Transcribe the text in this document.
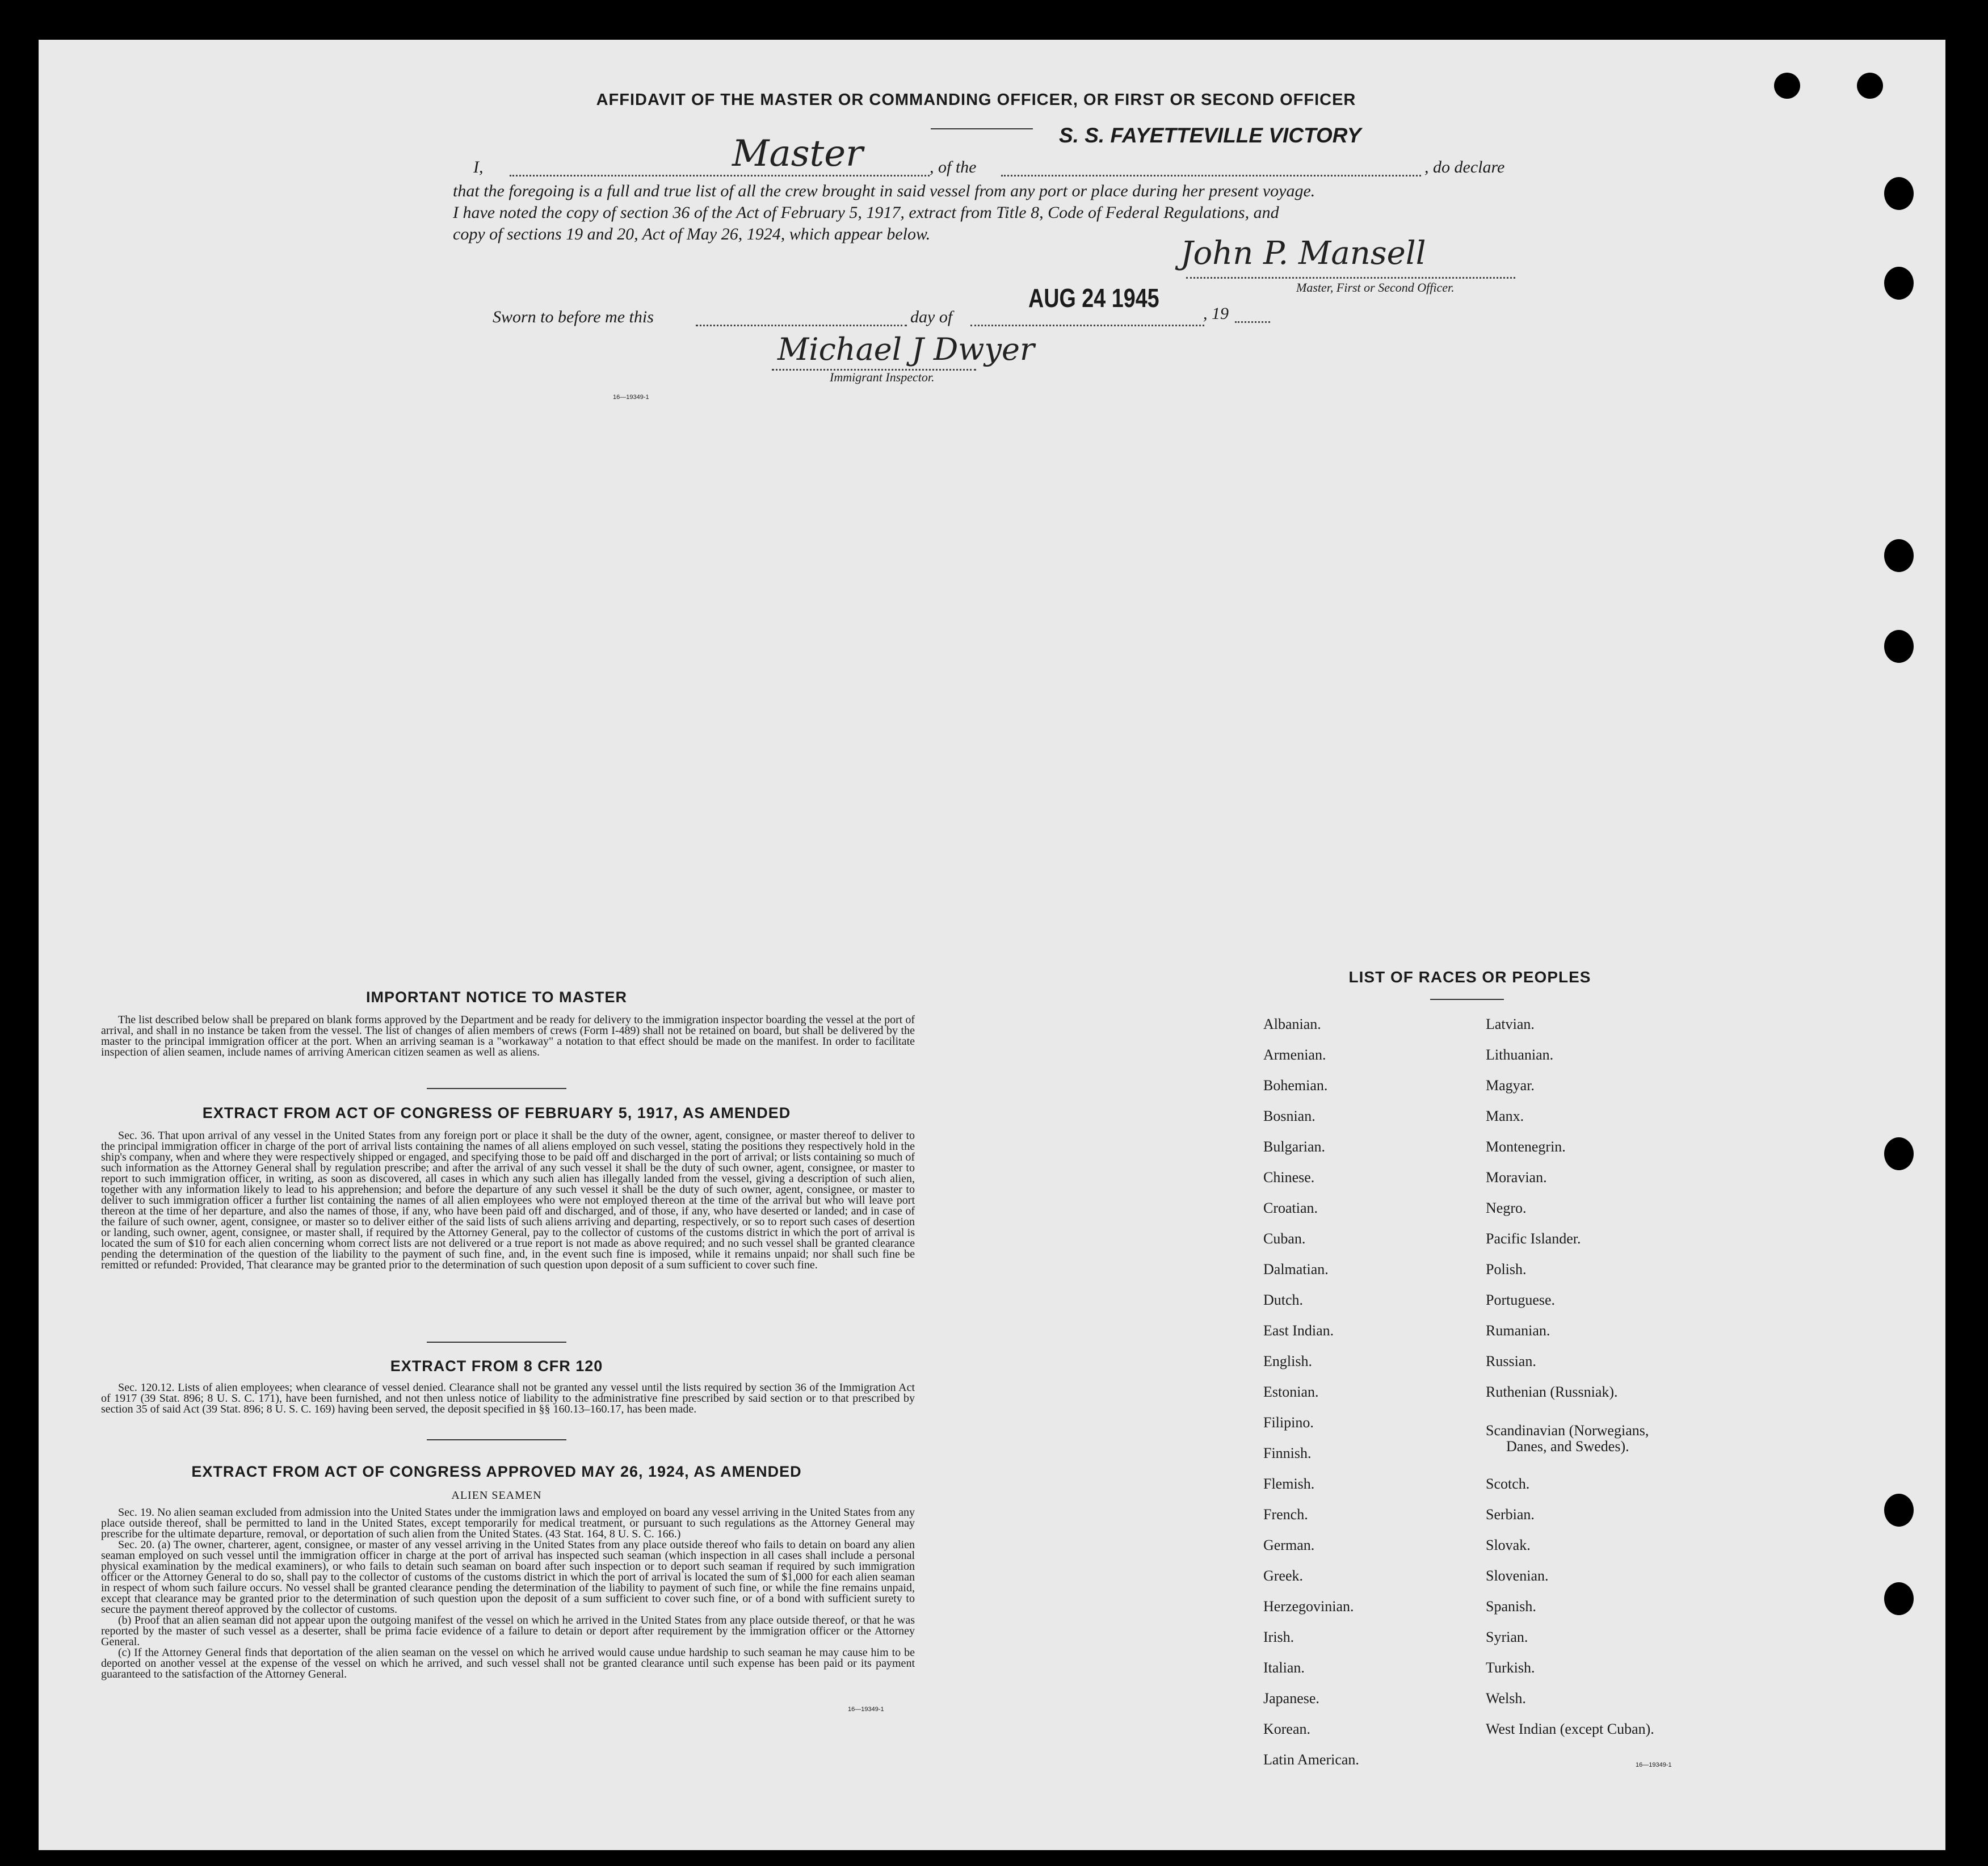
AFFIDAVIT OF THE MASTER OR COMMANDING OFFICER, OR FIRST OR SECOND OFFICER
S. S. FAYETTEVILLE VICTORY
I,	Master	, of the	, do declare
that the foregoing is a full and true list of all the crew brought in said vessel from any port or place during her present voyage.
I have noted the copy of section 36 of the Act of February 5, 1917, extract from Title 8, Code of Federal Regulations, and
copy of sections 19 and 20, Act of May 26, 1924, which appear below.
John P. Mansell
Master, First or Second Officer.
Sworn to before me this	day of
AUG 24 1945
, 19
Michael J Dwyer
Immigrant Inspector.
16—19349-1
IMPORTANT NOTICE TO MASTER

The list described below shall be prepared on blank forms approved by the Department and be ready for delivery to the immigration inspector boarding the vessel at the port of arrival, and shall in no instance be taken from the vessel. The list of changes of alien members of crews (Form I-489) shall not be retained on board, but shall be delivered by the master to the principal immigration officer at the port. When an arriving seaman is a "workaway" a notation to that effect should be made on the manifest. In order to facilitate inspection of alien seamen, include names of arriving American citizen seamen as well as aliens.

EXTRACT FROM ACT OF CONGRESS OF FEBRUARY 5, 1917, AS AMENDED

Sec. 36. That upon arrival of any vessel in the United States from any foreign port or place it shall be the duty of the owner, agent, consignee, or master thereof to deliver to the principal immigration officer in charge of the port of arrival lists containing the names of all aliens employed on such vessel, stating the positions they respectively hold in the ship's company, when and where they were respectively shipped or engaged, and specifying those to be paid off and discharged in the port of arrival; or lists containing so much of such information as the Attorney General shall by regulation prescribe; and after the arrival of any such vessel it shall be the duty of such owner, agent, consignee, or master to report to such immigration officer, in writing, as soon as discovered, all cases in which any such alien has illegally landed from the vessel, giving a description of such alien, together with any information likely to lead to his apprehension; and before the departure of any such vessel it shall be the duty of such owner, agent, consignee, or master to deliver to such immigration officer a further list containing the names of all alien employees who were not employed thereon at the time of the arrival but who will leave port thereon at the time of her departure, and also the names of those, if any, who have been paid off and discharged, and of those, if any, who have deserted or landed; and in case of the failure of such owner, agent, consignee, or master so to deliver either of the said lists of such aliens arriving and departing, respectively, or so to report such cases of desertion or landing, such owner, agent, consignee, or master shall, if required by the Attorney General, pay to the collector of customs of the customs district in which the port of arrival is located the sum of $10 for each alien concerning whom correct lists are not delivered or a true report is not made as above required; and no such vessel shall be granted clearance pending the determination of the question of the liability to the payment of such fine, and, in the event such fine is imposed, while it remains unpaid; nor shall such fine be remitted or refunded: Provided, That clearance may be granted prior to the determination of such question upon deposit of a sum sufficient to cover such fine.

EXTRACT FROM 8 CFR 120

Sec. 120.12. Lists of alien employees; when clearance of vessel denied. Clearance shall not be granted any vessel until the lists required by section 36 of the Immigration Act of 1917 (39 Stat. 896; 8 U. S. C. 171), have been furnished, and not then unless notice of liability to the administrative fine prescribed by said section or to that prescribed by section 35 of said Act (39 Stat. 896; 8 U. S. C. 169) having been served, the deposit specified in §§ 160.13–160.17, has been made.

EXTRACT FROM ACT OF CONGRESS APPROVED MAY 26, 1924, AS AMENDED
ALIEN SEAMEN

Sec. 19. No alien seaman excluded from admission into the United States under the immigration laws and employed on board any vessel arriving in the United States from any place outside thereof, shall be permitted to land in the United States, except temporarily for medical treatment, or pursuant to such regulations as the Attorney General may prescribe for the ultimate departure, removal, or deportation of such alien from the United States. (43 Stat. 164, 8 U. S. C. 166.)

Sec. 20. (a) The owner, charterer, agent, consignee, or master of any vessel arriving in the United States from any place outside thereof who fails to detain on board any alien seaman employed on such vessel until the immigration officer in charge at the port of arrival has inspected such seaman (which inspection in all cases shall include a personal physical examination by the medical examiners), or who fails to detain such seaman on board after such inspection or to deport such seaman if required by such immigration officer or the Attorney General to do so, shall pay to the collector of customs of the customs district in which the port of arrival is located the sum of $1,000 for each alien seaman in respect of whom such failure occurs. No vessel shall be granted clearance pending the determination of the liability to payment of such fine, or while the fine remains unpaid, except that clearance may be granted prior to the determination of such question upon the deposit of a sum sufficient to cover such fine, or of a bond with sufficient surety to secure the payment thereof approved by the collector of customs.

(b) Proof that an alien seaman did not appear upon the outgoing manifest of the vessel on which he arrived in the United States from any place outside thereof, or that he was reported by the master of such vessel as a deserter, shall be prima facie evidence of a failure to detain or deport after requirement by the immigration officer or the Attorney General.

(c) If the Attorney General finds that deportation of the alien seaman on the vessel on which he arrived would cause undue hardship to such seaman he may cause him to be deported on another vessel at the expense of the vessel on which he arrived, and such vessel shall not be granted clearance until such expense has been paid or its payment guaranteed to the satisfaction of the Attorney General.

16—19349-1
LIST OF RACES OR PEOPLES
Albanian.
Armenian.
Bohemian.
Bosnian.
Bulgarian.
Chinese.
Croatian.
Cuban.
Dalmatian.
Dutch.
East Indian.
English.
Estonian.
Filipino.
Finnish.
Flemish.
French.
German.
Greek.
Herzegovinian.
Irish.
Italian.
Japanese.
Korean.
Latin American.
Latvian.
Lithuanian.
Magyar.
Manx.
Montenegrin.
Moravian.
Negro.
Pacific Islander.
Polish.
Portuguese.
Rumanian.
Russian.
Ruthenian (Russniak).
Scandinavian (Norwegians,
Danes, and Swedes).
Scotch.
Serbian.
Slovak.
Slovenian.
Spanish.
Syrian.
Turkish.
Welsh.
West Indian (except Cuban).
16—19349-1
